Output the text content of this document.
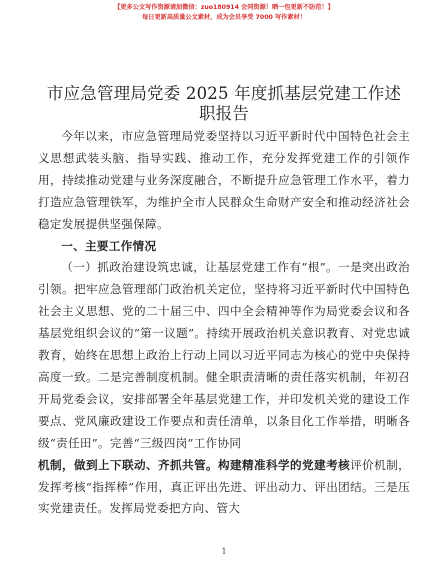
【更多公文写作资源请加微信：zuo180914 会同资源！晒一包更新不防范！】
每日更新高质量公文素材，成为会员享受 7000 写作素材！
市应急管理局党委 2025 年度抓基层党建工作述
职报告

今年以来，市应急管理局党委坚持以习近平新时代中国特色社会主义思想武装头脑、指导实践、推动工作，充分发挥党建工作的引领作用，持续推动党建与业务深度融合，不断提升应急管理工作水平，着力打造应急管理铁军，为维护全市人民群众生命财产安全和推动经济社会稳定发展提供坚强保障。

一、主要工作情况

（一）抓政治建设筑忠诚，让基层党建工作有“根”。一是突出政治引领。把牢应急管理部门政治机关定位，坚持将习近平新时代中国特色社会主义思想、党的二十届三中、四中全会精神等作为局党委会议和各基层党组织会议的“第一议题”。持续开展政治机关意识教育、对党忠诚教育，始终在思想上政治上行动上同以习近平同志为核心的党中央保持高度一致。二是完善制度机制。健全职责清晰的责任落实机制，年初召开局党委会议，安排部署全年基层党建工作，并印发机关党的建设工作要点、党风廉政建设工作要点和责任清单，以条目化工作举措，明晰各级“责任田”。完善“三级四岗”工作协同

机制，做到上下联动、齐抓共管。构建精准科学的党建考核评价机制，发挥考核“指挥棒”作用，真正评出先进、评出动力、评出团结。三是压实党建责任。发挥局党委把方向、管大

1
